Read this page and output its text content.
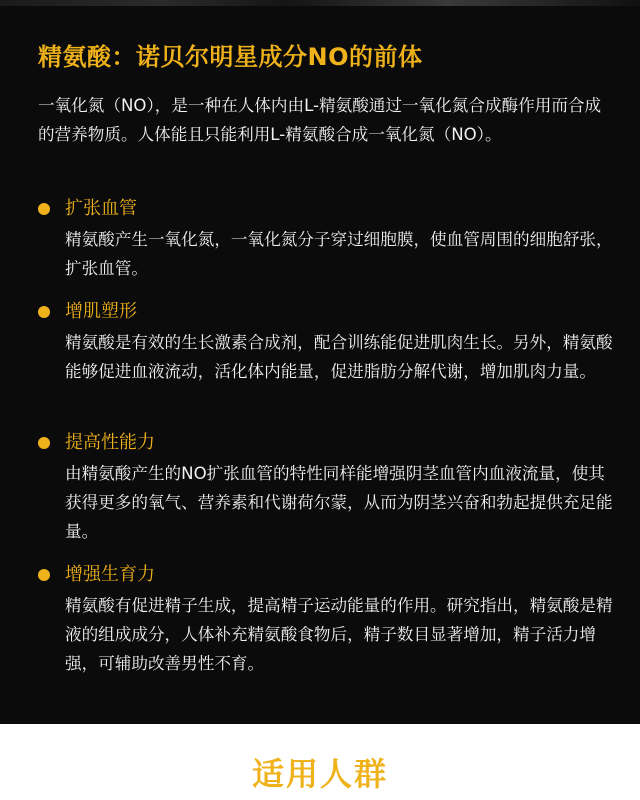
精氨酸：诺贝尔明星成分NO的前体
一氧化氮（NO），是一种在人体内由L-精氨酸通过一氧化氮合成酶作用而合成的营养物质。人体能且只能利用L-精氨酸合成一氧化氮（NO）。
扩张血管
精氨酸产生一氧化氮，一氧化氮分子穿过细胞膜，使血管周围的细胞舒张，扩张血管。
增肌塑形
精氨酸是有效的生长激素合成剂，配合训练能促进肌肉生长。另外，精氨酸能够促进血液流动，活化体内能量，促进脂肪分解代谢，增加肌肉力量。
提高性能力
由精氨酸产生的NO扩张血管的特性同样能增强阴茎血管内血液流量，使其获得更多的氧气、营养素和代谢荷尔蒙，从而为阴茎兴奋和勃起提供充足能量。
增强生育力
精氨酸有促进精子生成，提高精子运动能量的作用。研究指出，精氨酸是精液的组成成分，人体补充精氨酸食物后，精子数目显著增加，精子活力增强，可辅助改善男性不育。
适用人群
